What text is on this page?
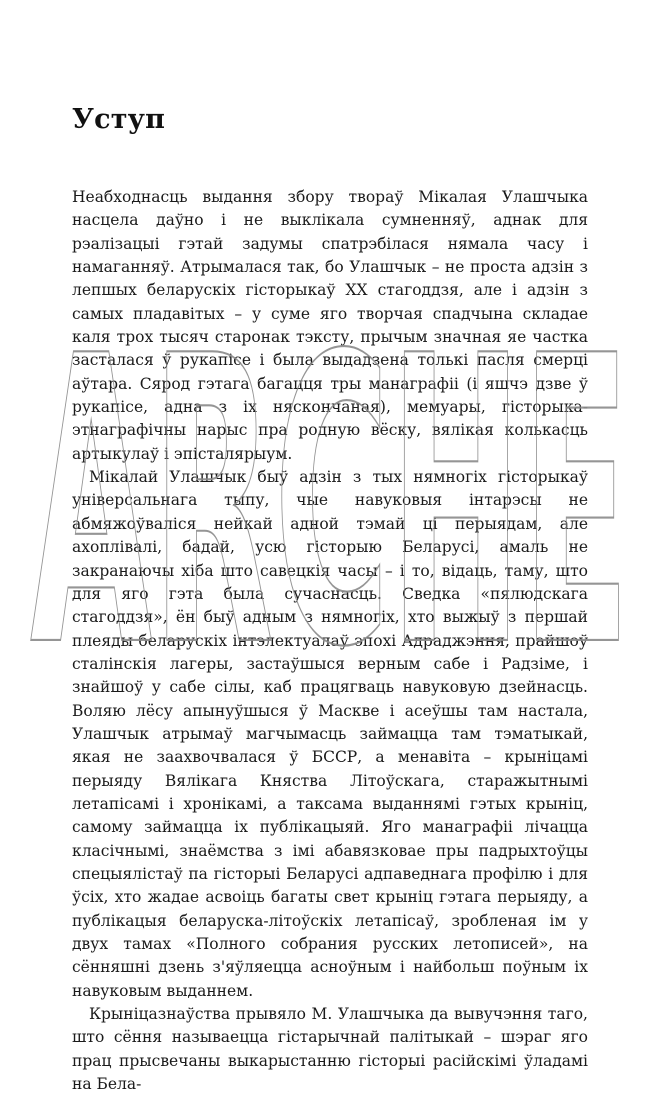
Уступ

Неабходнасць выдання збору твораў Мікалая Улашчыка насцела даўно і не выклікала сумненняў, аднак для рэалізацыі гэтай задумы спатрэбілася нямала часу і намаганняў. Атрымалася так, бо Улашчык – не проста адзін з лепшых беларускіх гісторыкаў ХХ стагоддзя, але і адзін з самых пладавітых – у суме яго творчая спадчына складае каля трох тысяч старонак тэксту, прычым значная яе частка засталася ў рукапісе і была выдадзена толькі пасля смерці аўтара. Сярод гэтага багацця тры манаграфіі (і яшчэ дзве ў рукапісе, адна з іх няскончаная), мемуары, гісторыка-этнаграфічны нарыс пра родную вёску, вялікая колькасць артыкулаў і эпісталярыум.

Мікалай Улашчык быў адзін з тых нямногіх гісторыкаў універсальнага тыпу, чые навуковыя інтарэсы не абмяжоўваліся нейкай адной тэмай ці перыядам, але ахоплівалі, бадай, усю гісторыю Беларусі, амаль не закранаючы хіба што савецкія часы – і то, відаць, таму, што для яго гэта была сучаснасць. Сведка «пялюдскага стагоддзя», ён быў адным з нямногіх, хто выжыў з першай плеяды беларускіх інтэлектуалаў эпохі Адраджэння, прайшоў сталінскія лагеры, застаўшыся верным сабе і Радзіме, і знайшоў у сабе сілы, каб працягваць навуковую дзейнасць. Воляю лёсу апынуўшыся ў Маскве і асеўшы там настала, Улашчык атрымаў магчымасць займацца там тэматыкай, якая не заахвочвалася ў БССР, а менавіта – крыніцамі перыяду Вялікага Княства Літоўскага, старажытнымі летапісамі і хронікамі, а таксама выданнямі гэтых крыніц, самому займацца іх публікацыяй. Яго манаграфіі лічацца класічнымі, знаёмства з імі абавязковае пры падрыхтоўцы спецыялістаў па гісторыі Беларусі адпаведнага профілю і для ўсіх, хто жадае асвоіць багаты свет крыніц гэтага перыяду, а публікацыя беларуска-літоўскіх летапісаў, зробленая ім у двух тамах «Полного собрания русских летописей», на сённяшні дзень з'яўляецца асноўным і найбольш поўным іх навуковым выданнем.

Крыніцазнаўства прывяло М. Улашчыка да вывучэння таго, што сёння называецца гістарычнай палітыкай – шэраг яго прац прысвечаны выкарыстанню гісторыі расійскімі ўладамі на Бела-

ARCHE
